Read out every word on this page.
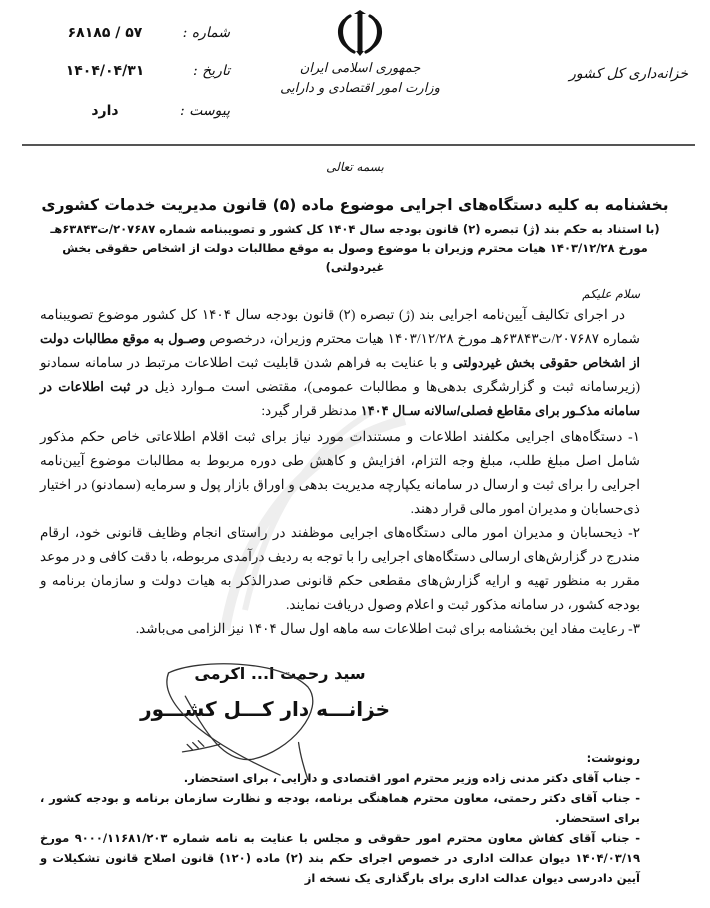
شماره :
۵۷ / ۶۸۱۸۵
تاریخ :
۱۴۰۴/۰۴/۳۱
پیوست :
دارد
جمهوری اسلامی ایران
وزارت امور اقتصادی و دارایی
خزانه‌داری کل کشور
بسمه تعالی
بخشنامه به کلیه دستگاه‌های اجرایی موضوع ماده (۵) قانون مدیریت خدمات کشوری
(با استناد به حکم بند (ژ) تبصره (۲) قانون بودجه سال ۱۴۰۴ کل کشور و تصویبنامه شماره ۲۰۷۶۸۷/ت۶۳۸۴۳هـ مورخ ۱۴۰۳/۱۲/۲۸ هیات محترم وزیران با موضوع وصول به موقع مطالبات دولت از اشخاص حقوقی بخش غیردولتی)
سلام علیکم
در اجرای تکالیف آیین‌نامه اجرایی بند (ژ) تبصره (۲) قانون بودجه سال ۱۴۰۴ کل کشور موضوع تصویبنامه شماره ۲۰۷۶۸۷/ت۶۳۸۴۳هـ مورخ ۱۴۰۳/۱۲/۲۸ هیات محترم وزیران، درخصوص وصـول به موقع مطالبات دولت از اشخاص حقوقی بخش غیردولتی و با عنایت به فراهم شدن قابلیت ثبت اطلاعات مرتبط در سامانه سمادنو (زیرسامانه ثبت و گزارشگری بدهی‌ها و مطالبات عمومی)، مقتضی است مـوارد ذیل در ثبت اطلاعات در سامانه مذکـور برای مقاطع فصلی/سالانه سـال ۱۴۰۴ مدنظر قرار گیرد:
۱- دستگاه‌های اجرایی مکلفند اطلاعات و مستندات مورد نیاز برای ثبت اقلام اطلاعاتی خاص حکم مذکور شامل اصل مبلغ طلب، مبلغ وجه التزام، افزایش و کاهش طی دوره مربوط به مطالبات موضوع آیین‌نامه اجرایی را برای ثبت و ارسال در سامانه یکپارچه مدیریت بدهی و اوراق بازار پول و سرمایه (سمادنو) در اختیار ذی‌حسابان و مدیران امور مالی قرار دهند.
۲- ذیحسابان و مدیران امور مالی دستگاه‌های اجرایی موظفند در راستای انجام وظایف قانونی خود، ارقام مندرج در گزارش‌های ارسالی دستگاه‌های اجرایی را با توجه به ردیف درآمدی مربوطه، با دقت کافی و در موعد مقرر به منظور تهیه و ارایه گزارش‌های مقطعی حکم قانونی صدرالذکر به هیات دولت و سازمان برنامه و بودجه کشور، در سامانه مذکور ثبت و اعلام وصول دریافت نمایند.
۳- رعایت مفاد این بخشنامه برای ثبت اطلاعات سه ماهه اول سال ۱۴۰۴ نیز الزامی می‌باشد.
سید رحمت ا... اکرمی
خزانـــه دار کـــل کشـــور
رونوشت:
- جناب آقای دکتر مدنی زاده وزیر محترم امور اقتصادی و دارایی ، برای استحضار.
- جناب آقای دکتر رحمتی، معاون محترم هماهنگی برنامه، بودجه و نظارت سازمان برنامه و بودجه کشور ، برای استحضار.
- جناب آقای کفاش معاون محترم امور حقوقی و مجلس با عنایت به نامه شماره ۹۰۰۰/۱۱۶۸۱/۲۰۳ مورخ ۱۴۰۴/۰۳/۱۹ دیوان عدالت اداری در خصوص اجرای حکم بند (۲) ماده (۱۲۰) قانون اصلاح قانون تشکیلات و آیین دادرسی دیوان عدالت اداری برای بارگذاری یک نسخه از
